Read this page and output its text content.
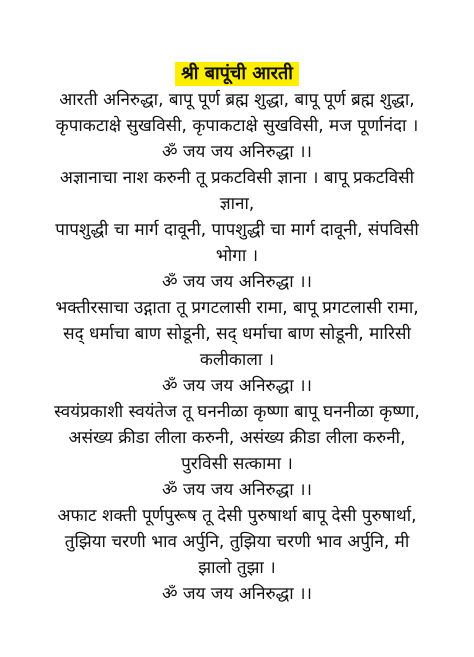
श्री बापूंची आरती

आरती अनिरुद्धा, बापू पूर्ण ब्रह्म शुद्धा, बापू पूर्ण ब्रह्म शुद्धा,

कृपाकटाक्षे सुखविसी, कृपाकटाक्षे सुखविसी, मज पूर्णानंदा ।

ॐ जय जय अनिरुद्धा ।।

अज्ञानाचा नाश करुनी तू प्रकटविसी ज्ञाना । बापू प्रकटविसी

ज्ञाना,

पापशुद्धी चा मार्ग दावूनी, पापशुद्धी चा मार्ग दावूनी, संपविसी

भोगा ।

ॐ जय जय अनिरुद्धा ।।

भक्तीरसाचा उद्गाता तू प्रगटलासी रामा, बापू प्रगटलासी रामा,

सद् धर्माचा बाण सोडूनी, सद् धर्माचा बाण सोडूनी, मारिसी

कलीकाला ।

ॐ जय जय अनिरुद्धा ।।

स्वयंप्रकाशी स्वयंतेज तू घननीळा कृष्णा बापू घननीळा कृष्णा,

असंख्य क्रीडा लीला करुनी, असंख्य क्रीडा लीला करुनी,

पुरविसी सत्कामा ।

ॐ जय जय अनिरुद्धा ।।

अफाट शक्ती पूर्णपुरूष तू देसी पुरुषार्था बापू देसी पुरुषार्था,

तुझिया चरणी भाव अर्पुनि, तुझिया चरणी भाव अर्पुनि, मी

झालो तुझा ।

ॐ जय जय अनिरुद्धा ।।
